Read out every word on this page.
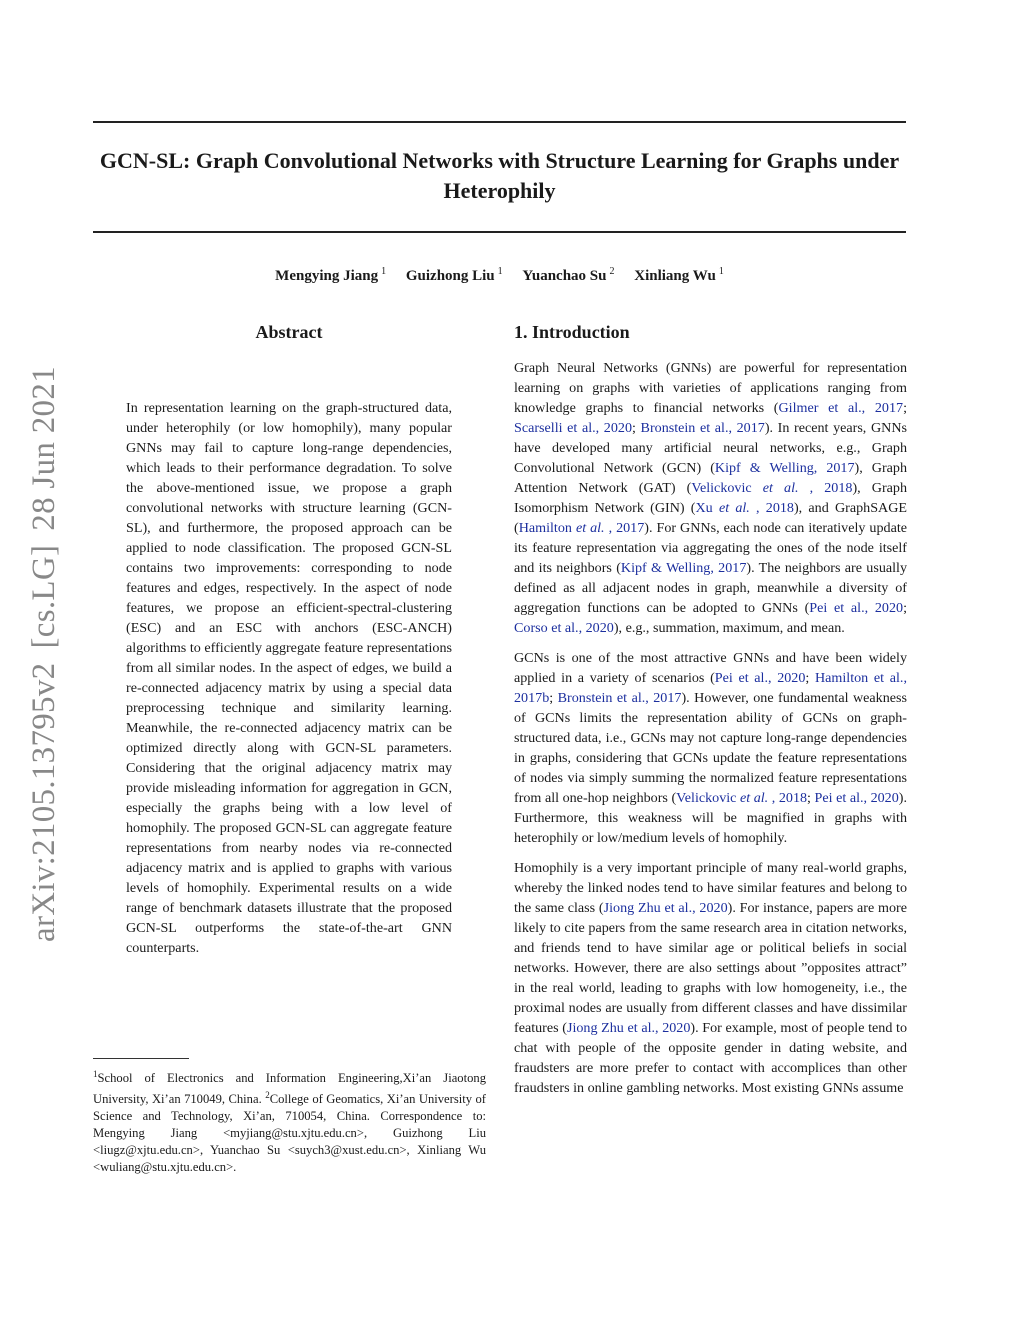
GCN-SL: Graph Convolutional Networks with Structure Learning for Graphs under Heterophily
Mengying Jiang $^1$ Guizhong Liu $^1$ Yuanchao Su $^2$ Xinliang Wu $^1$
arXiv:2105.13795v2[cs.LG]28 Jun 2021
Abstract
In representation learning on the graph-structured data, under heterophily (or low homophily), many popular GNNs may fail to capture long-range dependencies, which leads to their performance degradation. To solve the above-mentioned issue, we propose a graph convolutional networks with structure learning (GCN-SL), and furthermore, the proposed approach can be applied to node classification. The proposed GCN-SL contains two improvements: corresponding to node features and edges, respectively. In the aspect of node features, we propose an efficient-spectral-clustering (ESC) and an ESC with anchors (ESC-ANCH) algorithms to efficiently aggregate feature representations from all similar nodes. In the aspect of edges, we build a re-connected adjacency matrix by using a special data preprocessing technique and similarity learning. Meanwhile, the re-connected adjacency matrix can be optimized directly along with GCN-SL parameters. Considering that the original adjacency matrix may provide misleading information for aggregation in GCN, especially the graphs being with a low level of homophily. The proposed GCN-SL can aggregate feature representations from nearby nodes via re-connected adjacency matrix and is applied to graphs with various levels of homophily. Experimental results on a wide range of benchmark datasets illustrate that the proposed GCN-SL outperforms the state-of-the-art GNN counterparts.
$^1$School of Electronics and Information Engineering,Xi’an Jiaotong University, Xi’an 710049, China. $^2$College of Geomatics, Xi’an University of Science and Technology, Xi’an, 710054, China. Correspondence to: Mengying Jiang <myjiang@stu.xjtu.edu.cn>, Guizhong Liu <liugz@xjtu.edu.cn>, Yuanchao Su <suych3@xust.edu.cn>, Xinliang Wu <wuliang@stu.xjtu.edu.cn>.
1. Introduction

Graph Neural Networks (GNNs) are powerful for representation learning on graphs with varieties of applications ranging from knowledge graphs to financial networks (Gilmer et al., 2017; Scarselli et al., 2020; Bronstein et al., 2017). In recent years, GNNs have developed many artificial neural networks, e.g., Graph Convolutional Network (GCN) (Kipf & Welling, 2017), Graph Attention Network (GAT) (Velickovic et al. , 2018), Graph Isomorphism Network (GIN) (Xu et al. , 2018), and GraphSAGE (Hamilton et al. , 2017). For GNNs, each node can iteratively update its feature representation via aggregating the ones of the node itself and its neighbors (Kipf & Welling, 2017). The neighbors are usually defined as all adjacent nodes in graph, meanwhile a diversity of aggregation functions can be adopted to GNNs (Pei et al., 2020; Corso et al., 2020), e.g., summation, maximum, and mean.

GCNs is one of the most attractive GNNs and have been widely applied in a variety of scenarios (Pei et al., 2020; Hamilton et al., 2017b; Bronstein et al., 2017). However, one fundamental weakness of GCNs limits the representation ability of GCNs on graph-structured data, i.e., GCNs may not capture long-range dependencies in graphs, considering that GCNs update the feature representations of nodes via simply summing the normalized feature representations from all one-hop neighbors (Velickovic et al. , 2018; Pei et al., 2020). Furthermore, this weakness will be magnified in graphs with heterophily or low/medium levels of homophily.

Homophily is a very important principle of many real-world graphs, whereby the linked nodes tend to have similar features and belong to the same class (Jiong Zhu et al., 2020). For instance, papers are more likely to cite papers from the same research area in citation networks, and friends tend to have similar age or political beliefs in social networks. However, there are also settings about ”opposites attract” in the real world, leading to graphs with low homogeneity, i.e., the proximal nodes are usually from different classes and have dissimilar features (Jiong Zhu et al., 2020). For example, most of people tend to chat with people of the opposite gender in dating website, and fraudsters are more prefer to contact with accomplices than other fraudsters in online gambling networks. Most existing GNNs assume
